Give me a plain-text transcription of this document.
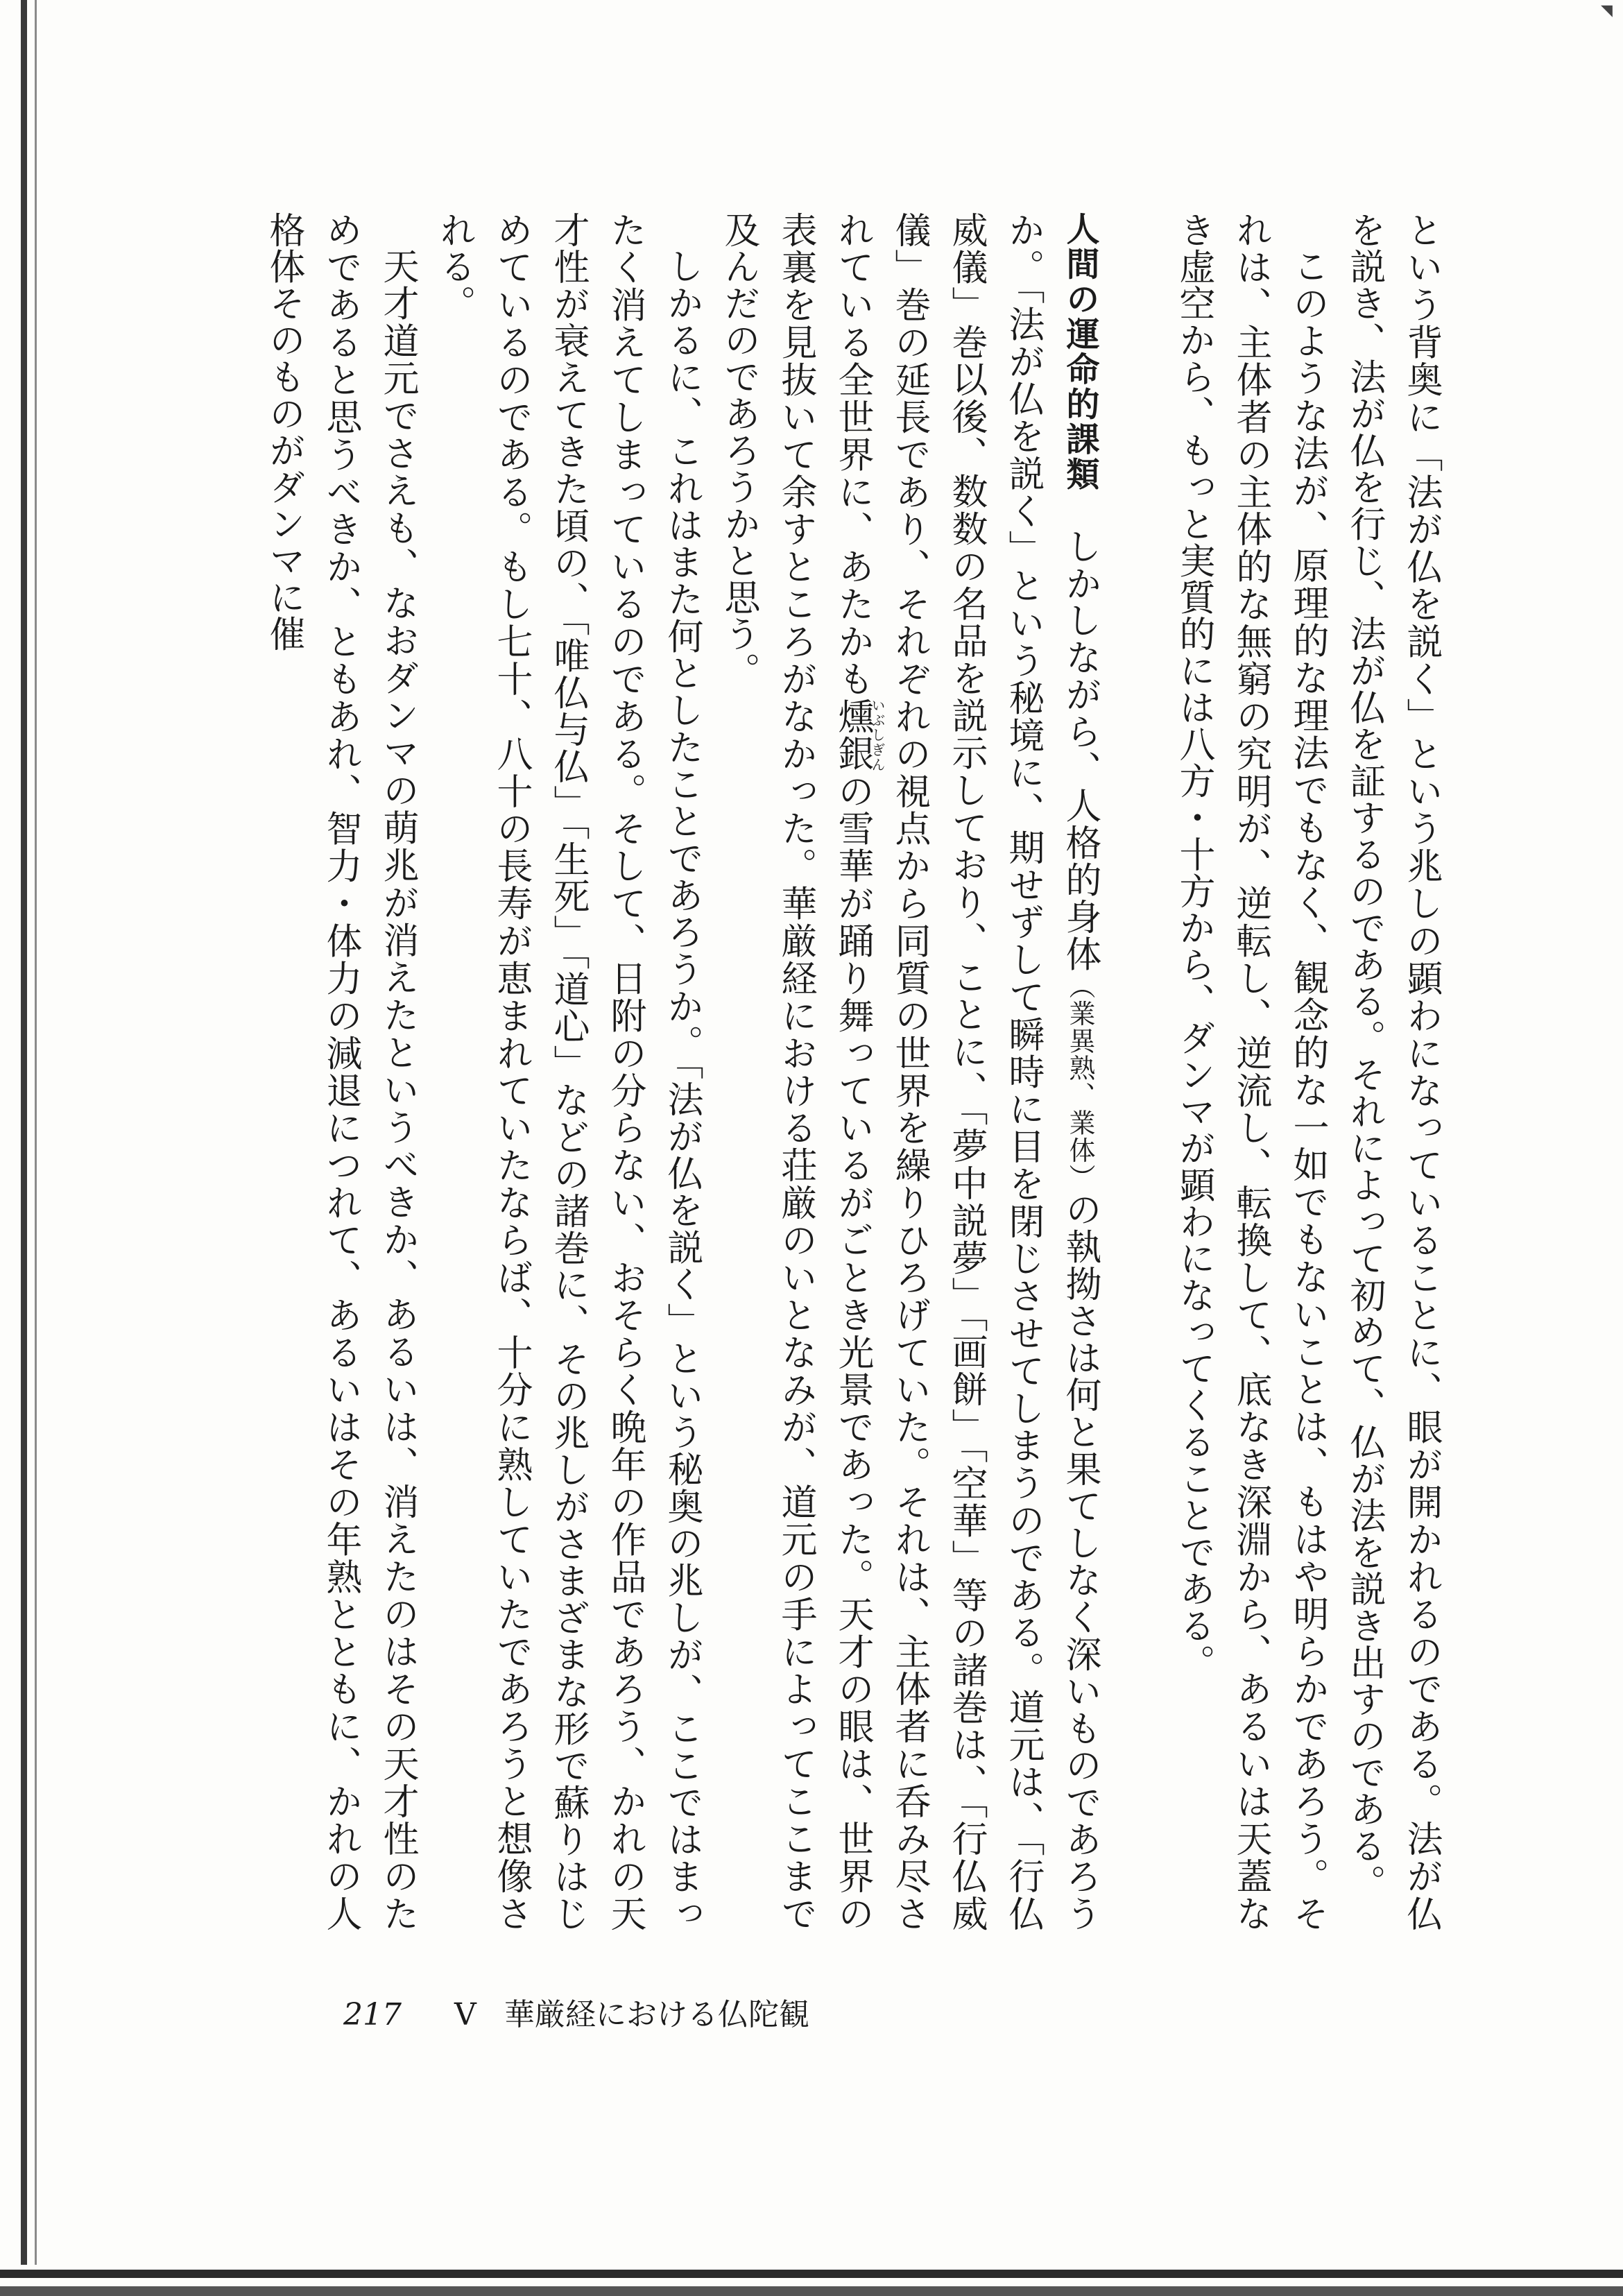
◥

という背奥に「法が仏を説く」という兆しの顕わになっていることに、眼が開かれるのである。法が仏を説き、法が仏を行じ、法が仏を証するのである。それによって初めて、仏が法を説き出すのである。

このような法が、原理的な理法でもなく、観念的な一如でもないことは、もはや明らかであろう。それは、主体者の主体的な無窮の究明が、逆転し、逆流し、転換して、底なき深淵から、あるいは天蓋なき虚空から、もっと実質的には八方・十方から、ダンマが顕わになってくることである。

人間の運命的課類　しかしながら、人格的身体（業異熟、業体）の執拗さは何と果てしなく深いものであろうか。「法が仏を説く」という秘境に、期せずして瞬時に目を閉じさせてしまうのである。道元は、「行仏威儀」巻以後、数数の名品を説示しており、ことに、「夢中説夢」「画餅」「空華」等の諸巻は、「行仏威儀」巻の延長であり、それぞれの視点から同質の世界を繰りひろげていた。それは、主体者に呑み尽されている全世界に、あたかも燻銀いぶしぎんの雪華が踊り舞っているがごとき光景であった。天才の眼は、世界の表裏を見抜いて余すところがなかった。華厳経における荘厳のいとなみが、道元の手によってここまで及んだのであろうかと思う。

しかるに、これはまた何としたことであろうか。「法が仏を説く」という秘奥の兆しが、ここではまったく消えてしまっているのである。そして、日附の分らない、おそらく晩年の作品であろう、かれの天才性が衰えてきた頃の、「唯仏与仏」「生死」「道心」などの諸巻に、その兆しがさまざまな形で蘇りはじめているのである。もし七十、八十の長寿が恵まれていたならば、十分に熟していたであろうと想像される。

天才道元でさえも、なおダンマの萌兆が消えたというべきか、あるいは、消えたのはその天才性のためであると思うべきか、ともあれ、智力・体力の減退につれて、あるいはその年熟とともに、かれの人格体そのものがダンマに催

217 V 華厳経における仏陀観
